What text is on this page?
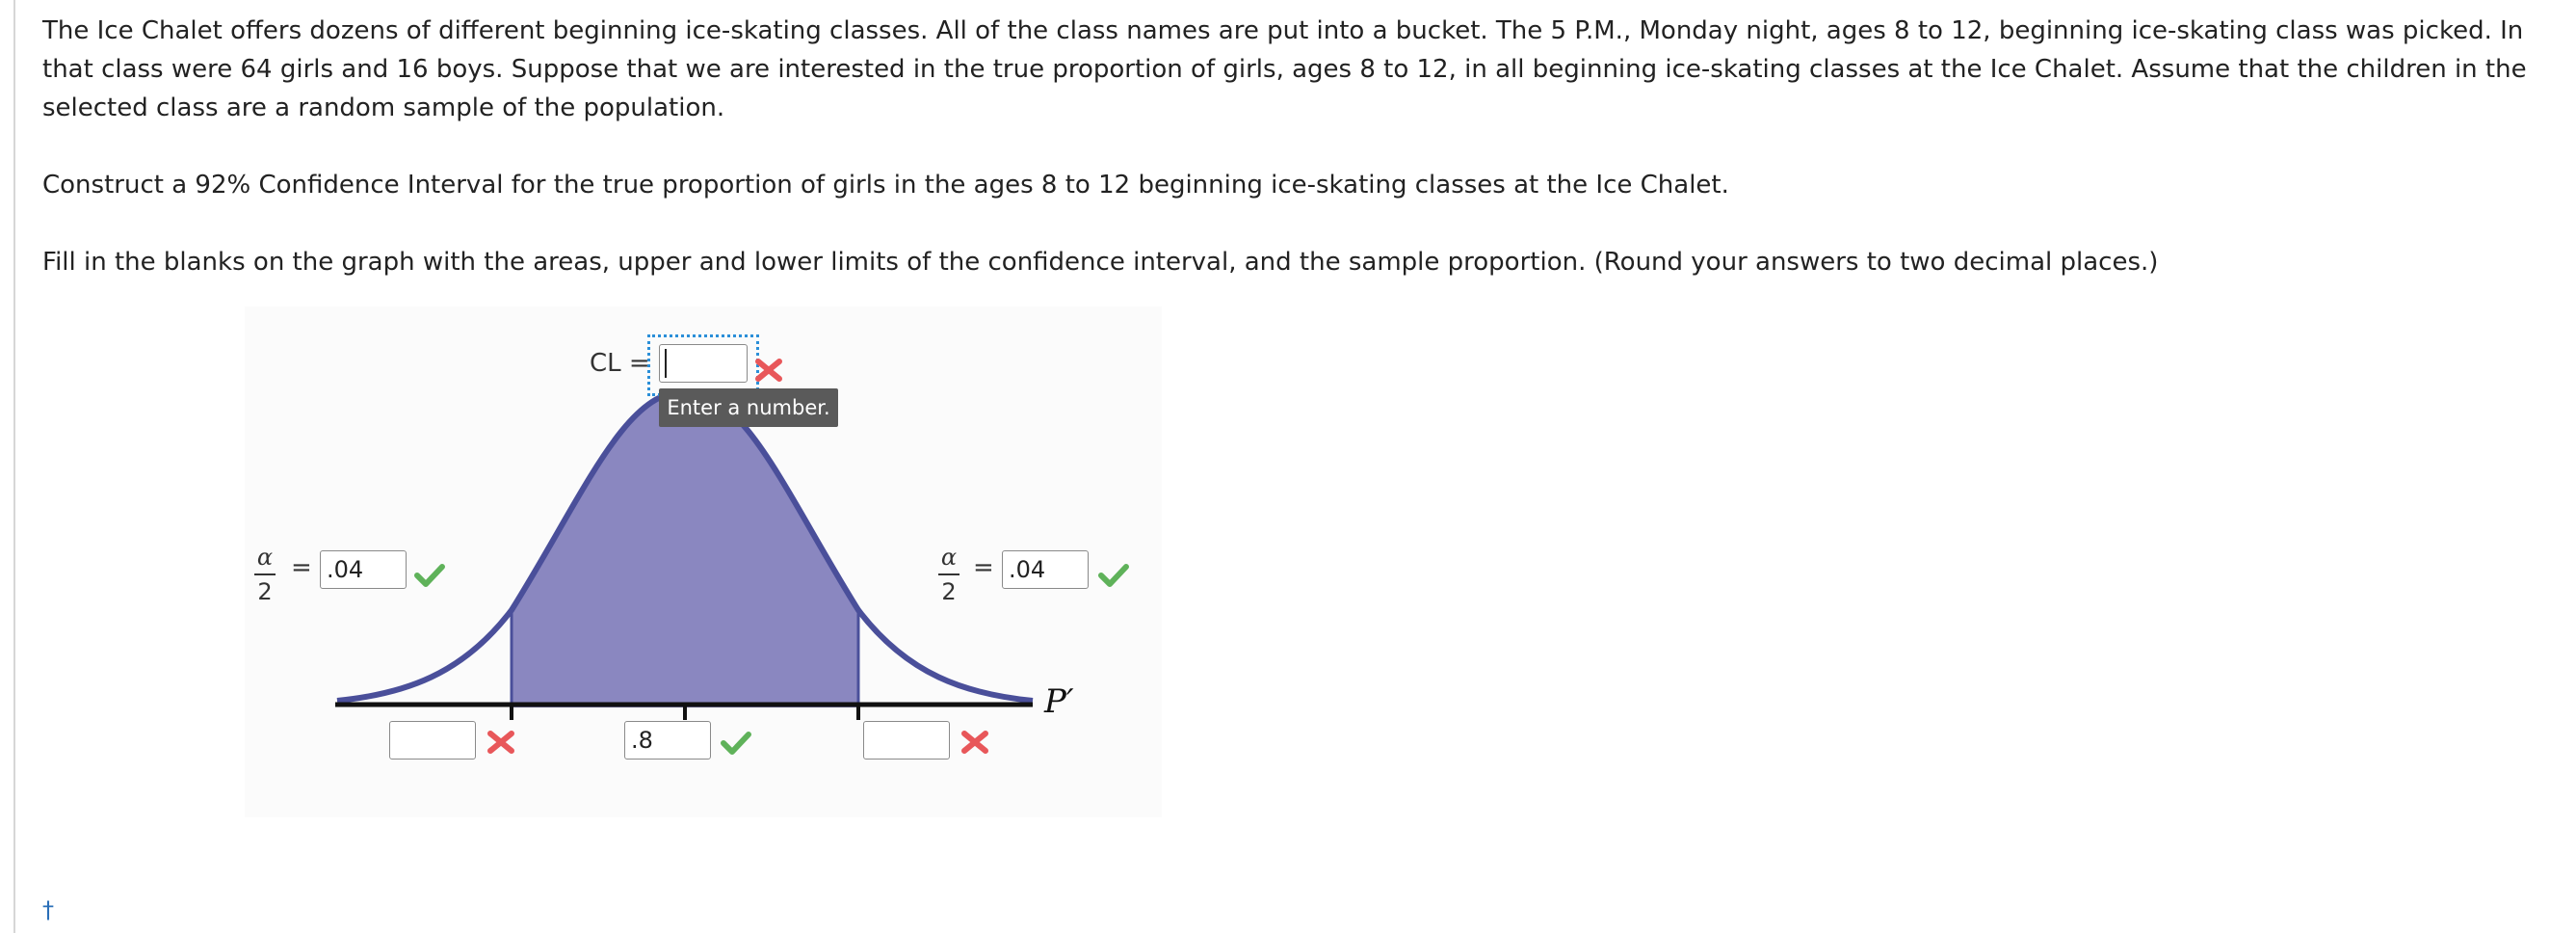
The Ice Chalet offers dozens of different beginning ice-skating classes. All of the class names are put into a bucket. The 5 P.M., Monday night, ages 8 to 12, beginning ice-skating class was picked. In that class were 64 girls and 16 boys. Suppose that we are interested in the true proportion of girls, ages 8 to 12, in all beginning ice-skating classes at the Ice Chalet. Assume that the children in the selected class are a random sample of the population.

Construct a 92% Confidence Interval for the true proportion of girls in the ages 8 to 12 beginning ice-skating classes at the Ice Chalet.

Fill in the blanks on the graph with the areas, upper and lower limits of the confidence interval, and the sample proportion. (Round your answers to two decimal places.)

CL =
Enter a number.
α
2
=
.04	α
2
=
.04
P′
.8
†
